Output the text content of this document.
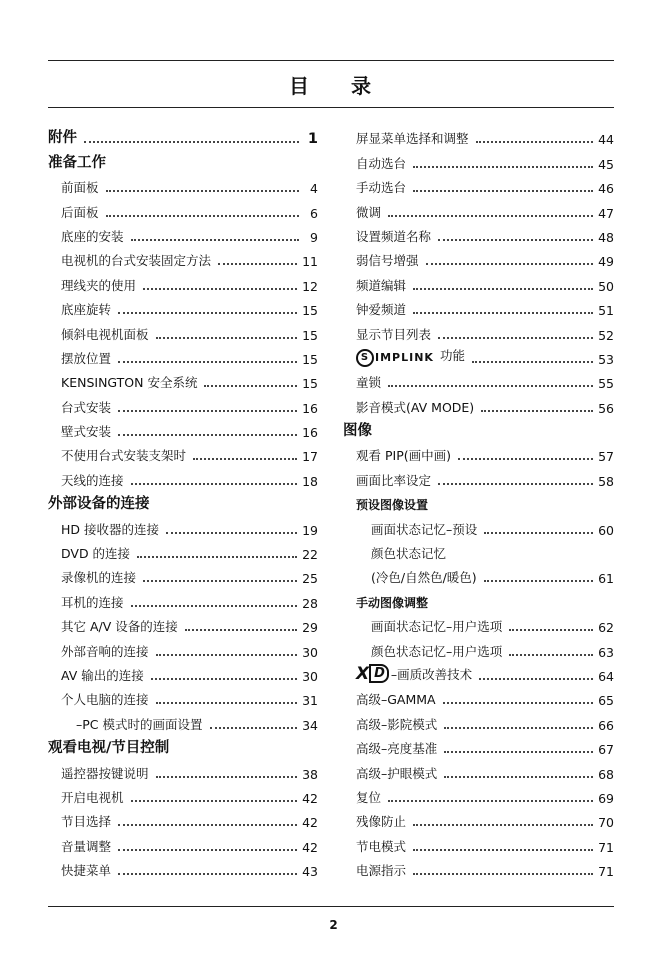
目 录
附件	1
准备工作
前面板	4
后面板	6
底座的安装	9
电视机的台式安装固定方法	11
理线夹的使用	12
底座旋转	15
倾斜电视机面板	15
摆放位置	15
KENSINGTON 安全系统	15
台式安装	16
壁式安装	16
不使用台式安装支架时	17
天线的连接	18
外部设备的连接
HD 接收器的连接	19
DVD 的连接	22
录像机的连接	25
耳机的连接	28
其它 A/V 设备的连接	29
外部音响的连接	30
AV 输出的连接	30
个人电脑的连接	31
–PC 模式时的画面设置	34
观看电视/节目控制
遥控器按键说明	38
开启电视机	42
节目选择	42
音量调整	42
快捷菜单	43
屏显菜单选择和调整	44
自动选台	45
手动选台	46
微调	47
设置频道名称	48
弱信号增强	49
频道编辑	50
钟爱频道	51
显示节目列表	52
S IMPLINK 功能	53
童锁	55
影音模式(AV MODE)	56
图像
观看 PIP(画中画)	57
画面比率设定	58
预设图像设置
画面状态记忆–预设	60
颜色状态记忆
(冷色/自然色/暖色)	61
手动图像调整
画面状态记忆–用户选项	62
颜色状态记忆–用户选项	63
X D –画质改善技术	64
高级–GAMMA	65
高级–影院模式	66
高级–亮度基准	67
高级–护眼模式	68
复位	69
残像防止	70
节电模式	71
电源指示	71
2
